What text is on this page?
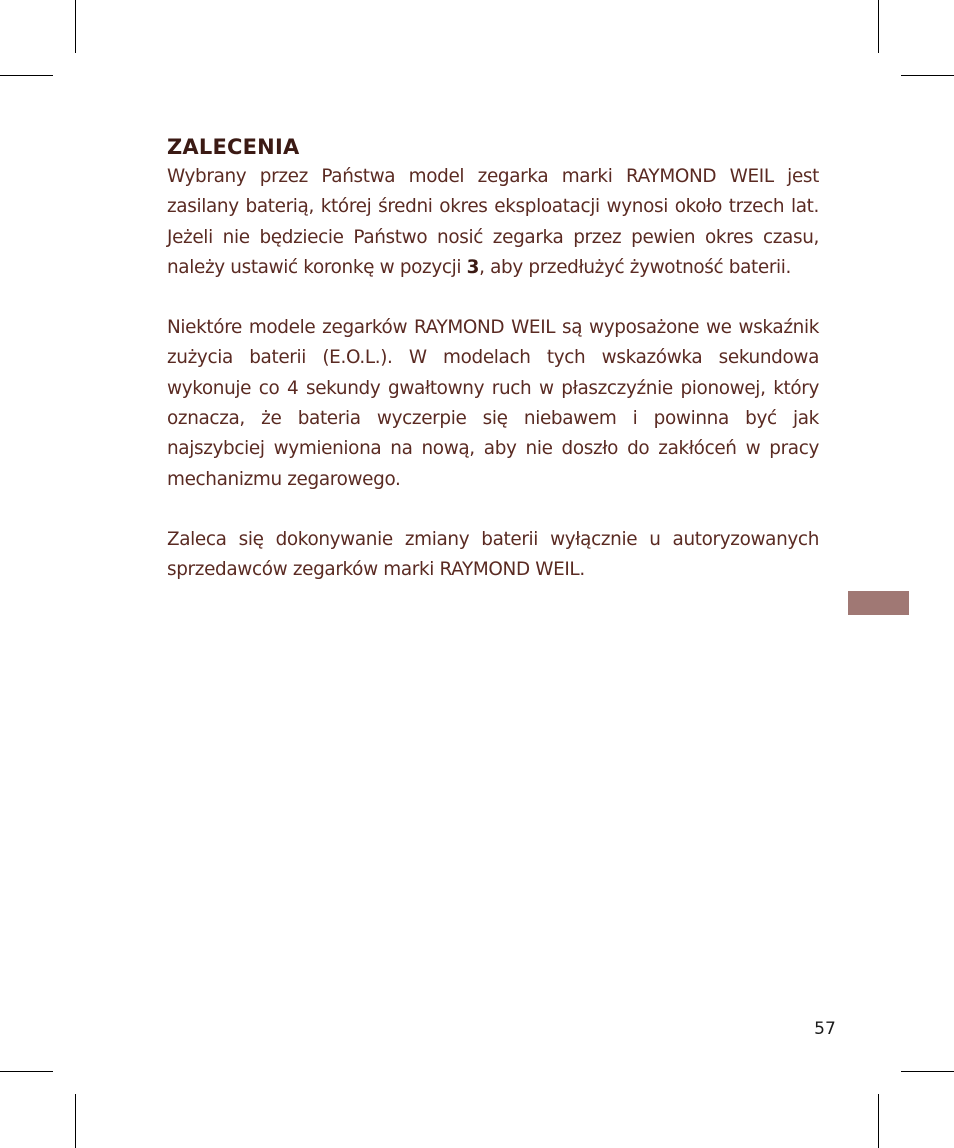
ZALECENIA

Wybrany przez Państwa model zegarka marki RAYMOND WEIL jest zasilany baterią, której średni okres eksploatacji wynosi około trzech lat. Jeżeli nie będziecie Państwo nosić zegarka przez pewien okres czasu, należy ustawić koronkę w pozycji 3, aby przedłużyć żywotność baterii.

Niektóre modele zegarków RAYMOND WEIL są wyposażone we wskaźnik zużycia baterii (E.O.L.). W modelach tych wskazówka sekundowa wykonuje co 4 sekundy gwałtowny ruch w płaszczyźnie pionowej, który oznacza, że bateria wyczerpie się niebawem i powinna być jak najszybciej wymieniona na nową, aby nie doszło do zakłóceń w pracy mechanizmu zegarowego.

Zaleca się dokonywanie zmiany baterii wyłącznie u autoryzowanych sprzedawców zegarków marki RAYMOND WEIL.

57
